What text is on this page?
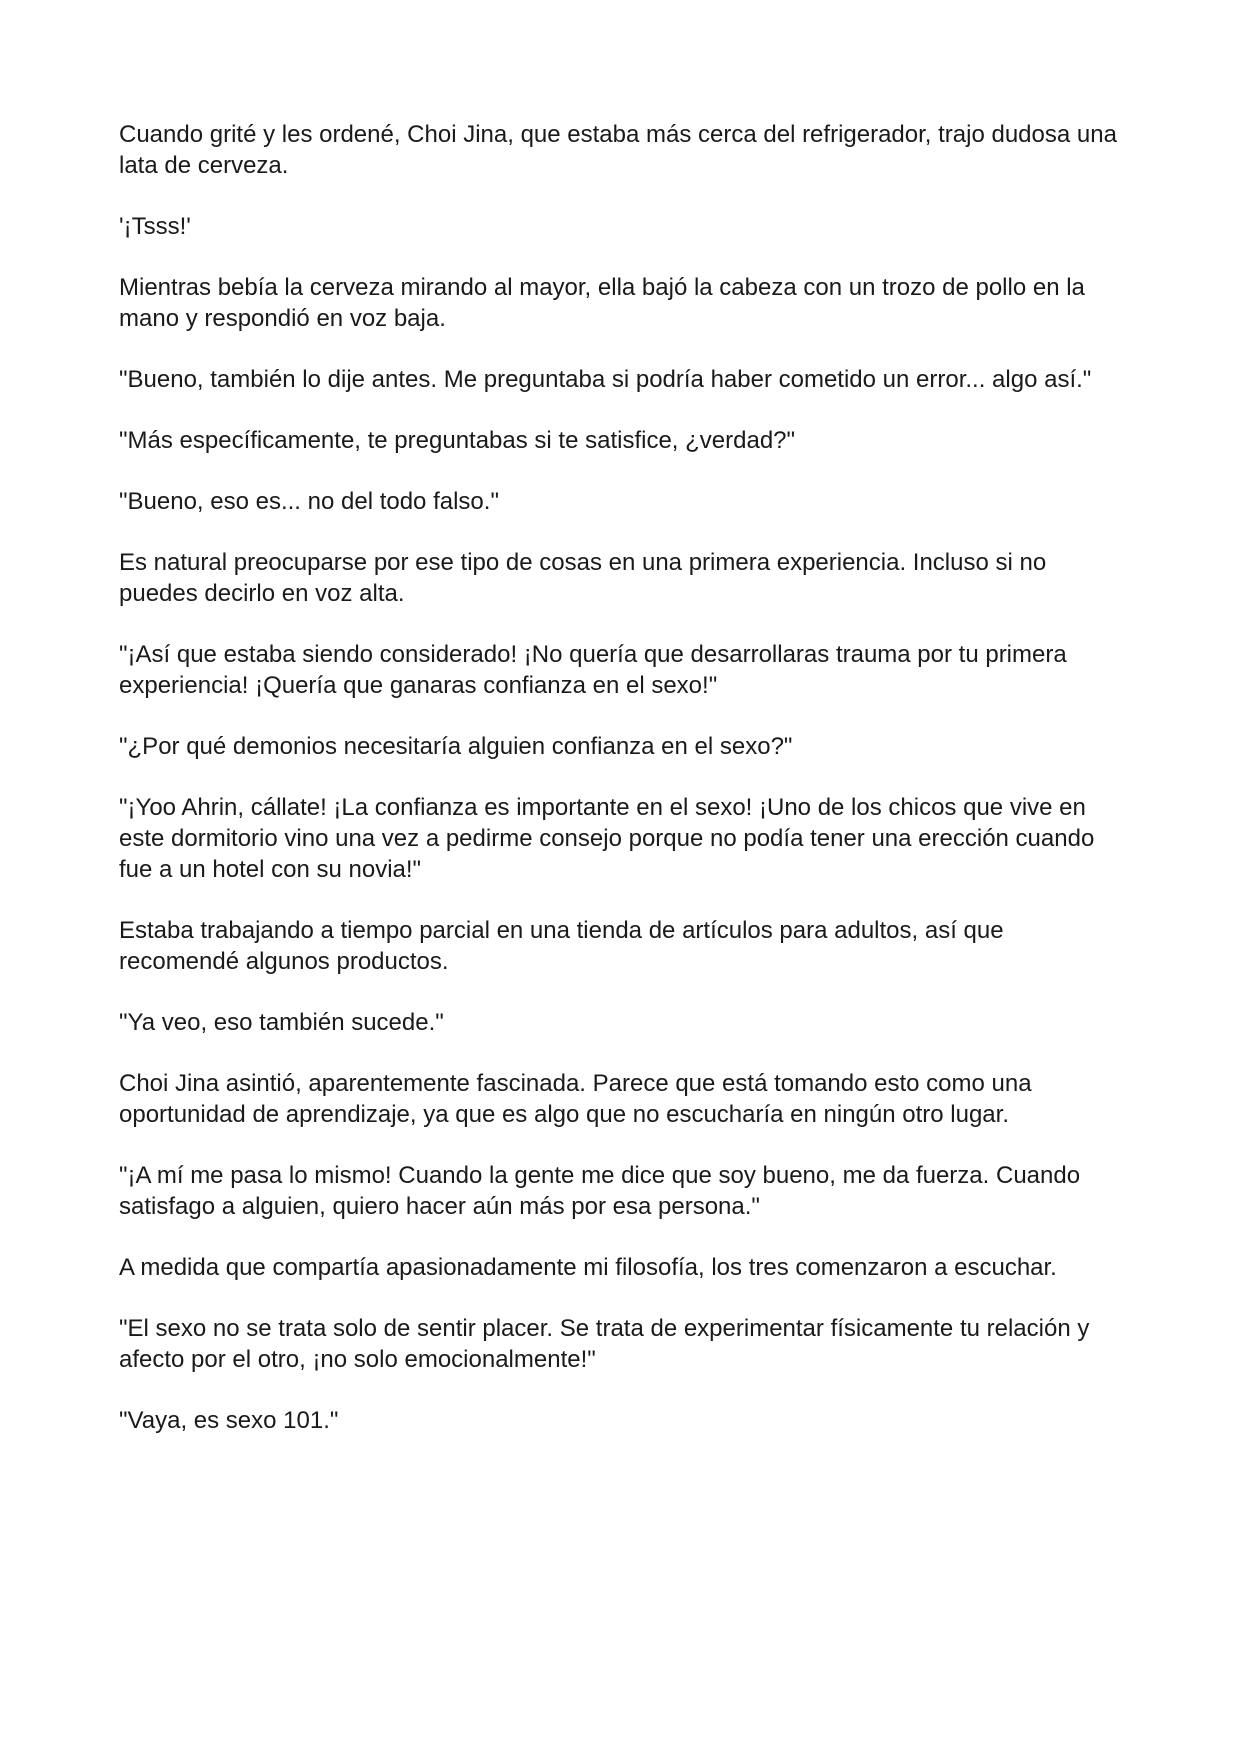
Cuando grité y les ordené, Choi Jina, que estaba más cerca del refrigerador, trajo dudosa una lata de cerveza.

'¡Tsss!'

Mientras bebía la cerveza mirando al mayor, ella bajó la cabeza con un trozo de pollo en la mano y respondió en voz baja.

"Bueno, también lo dije antes. Me preguntaba si podría haber cometido un error... algo así."

"Más específicamente, te preguntabas si te satisfice, ¿verdad?"

"Bueno, eso es... no del todo falso."

Es natural preocuparse por ese tipo de cosas en una primera experiencia. Incluso si no puedes decirlo en voz alta.

"¡Así que estaba siendo considerado! ¡No quería que desarrollaras trauma por tu primera experiencia! ¡Quería que ganaras confianza en el sexo!"

"¿Por qué demonios necesitaría alguien confianza en el sexo?"

"¡Yoo Ahrin, cállate! ¡La confianza es importante en el sexo! ¡Uno de los chicos que vive en este dormitorio vino una vez a pedirme consejo porque no podía tener una erección cuando fue a un hotel con su novia!"

Estaba trabajando a tiempo parcial en una tienda de artículos para adultos, así que recomendé algunos productos.

"Ya veo, eso también sucede."

Choi Jina asintió, aparentemente fascinada. Parece que está tomando esto como una oportunidad de aprendizaje, ya que es algo que no escucharía en ningún otro lugar.

"¡A mí me pasa lo mismo! Cuando la gente me dice que soy bueno, me da fuerza. Cuando satisfago a alguien, quiero hacer aún más por esa persona."

A medida que compartía apasionadamente mi filosofía, los tres comenzaron a escuchar.

"El sexo no se trata solo de sentir placer. Se trata de experimentar físicamente tu relación y afecto por el otro, ¡no solo emocionalmente!"

"Vaya, es sexo 101."
